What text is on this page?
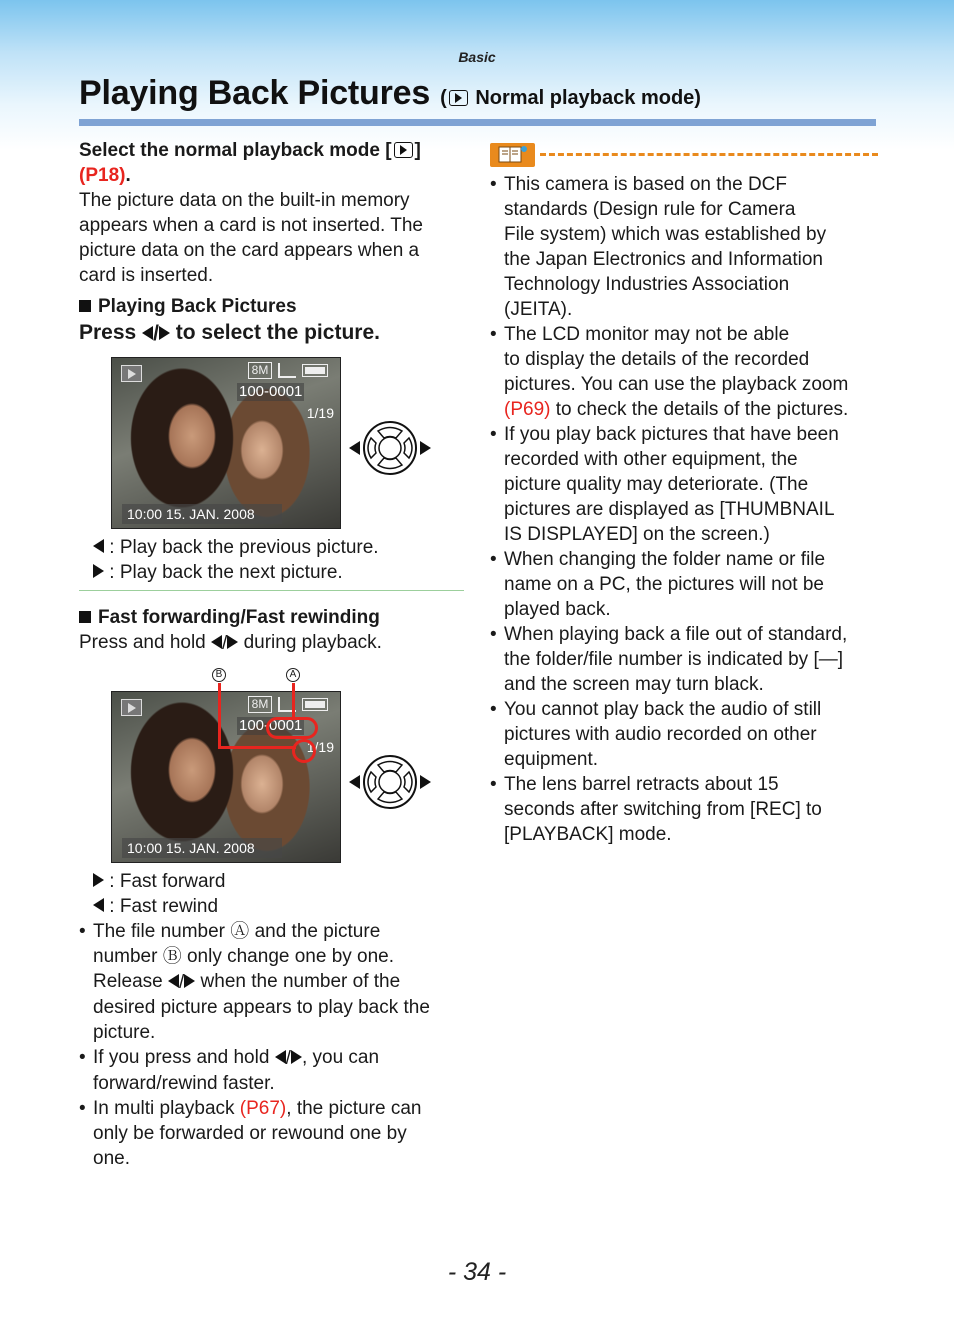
Basic
Playing Back Pictures ( Normal playback mode)
Select the normal playback mode [ ]
(P18).
The picture data on the built-in memory
appears when a card is not inserted. The
picture data on the card appears when a
card is inserted.
Playing Back Pictures
Press / to select the picture.
8M
100-0001
1/19
10:00 15. JAN. 2008
: Play back the previous picture.
: Play back the next picture.
Fast forwarding/Fast rewinding
Press and hold / during playback.
B	A
8M
100-0001
1/19
10:00 15. JAN. 2008
: Fast forward
: Fast rewind
• The file number Ⓐ and the picture
number Ⓑ only change one by one.
Release / when the number of the
desired picture appears to play back the
picture.
• If you press and hold / , you can
forward/rewind faster.
• In multi playback (P67), the picture can
only be forwarded or rewound one by
one.
• This camera is based on the DCF
standards (Design rule for Camera
File system) which was established by
the Japan Electronics and Information
Technology Industries Association
(JEITA).
• The LCD monitor may not be able
to display the details of the recorded
pictures. You can use the playback zoom
(P69) to check the details of the pictures.
• If you play back pictures that have been
recorded with other equipment, the
picture quality may deteriorate. (The
pictures are displayed as [THUMBNAIL
IS DISPLAYED] on the screen.)
• When changing the folder name or file
name on a PC, the pictures will not be
played back.
• When playing back a file out of standard,
the folder/file number is indicated by [—]
and the screen may turn black.
• You cannot play back the audio of still
pictures with audio recorded on other
equipment.
• The lens barrel retracts about 15
seconds after switching from [REC] to
[PLAYBACK] mode.
- 34 -
